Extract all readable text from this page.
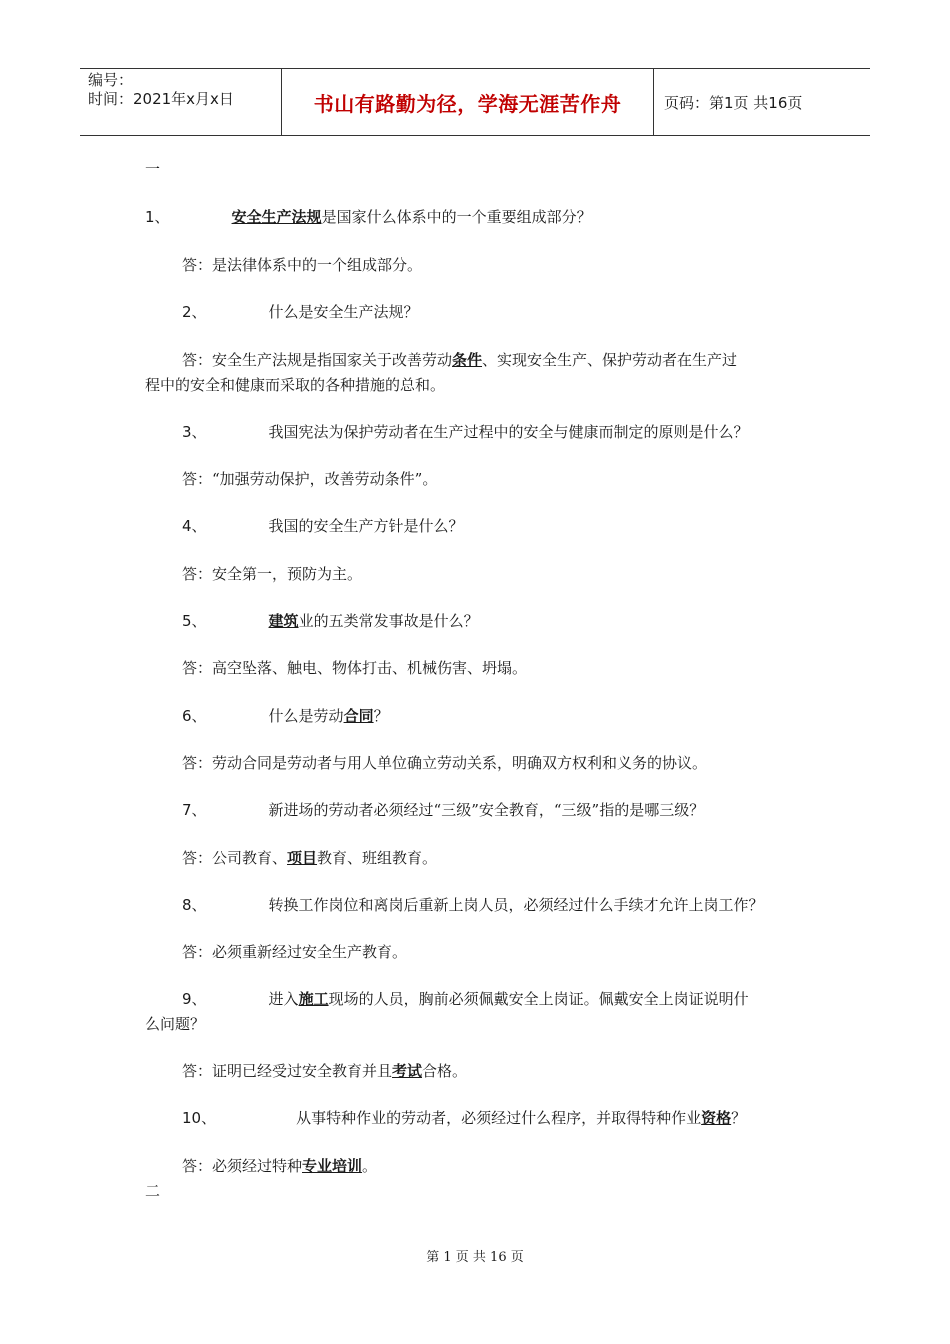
编号：
时间：2021年x月x日	书山有路勤为径，学海无涯苦作舟	页码：第1页 共16页
一
1、	安全生产法规是国家什么体系中的一个重要组成部分？
答：是法律体系中的一个组成部分。
2、	什么是安全生产法规？
答：安全生产法规是指国家关于改善劳动条件、实现安全生产、保护劳动者在生产过
程中的安全和健康而采取的各种措施的总和。
3、	我国宪法为保护劳动者在生产过程中的安全与健康而制定的原则是什么？
答：“加强劳动保护，改善劳动条件”。
4、	我国的安全生产方针是什么？
答：安全第一，预防为主。
5、	建筑业的五类常发事故是什么？
答：高空坠落、触电、物体打击、机械伤害、坍塌。
6、	什么是劳动合同？
答：劳动合同是劳动者与用人单位确立劳动关系，明确双方权利和义务的协议。
7、	新进场的劳动者必须经过“三级”安全教育，“三级”指的是哪三级？
答：公司教育、项目教育、班组教育。
8、	转换工作岗位和离岗后重新上岗人员，必须经过什么手续才允许上岗工作？
答：必须重新经过安全生产教育。
9、	进入施工现场的人员，胸前必须佩戴安全上岗证。佩戴安全上岗证说明什
么问题？
答：证明已经受过安全教育并且考试合格。
10、	从事特种作业的劳动者，必须经过什么程序，并取得特种作业资格？
答：必须经过特种专业培训。
二
第 1 页 共 16 页
